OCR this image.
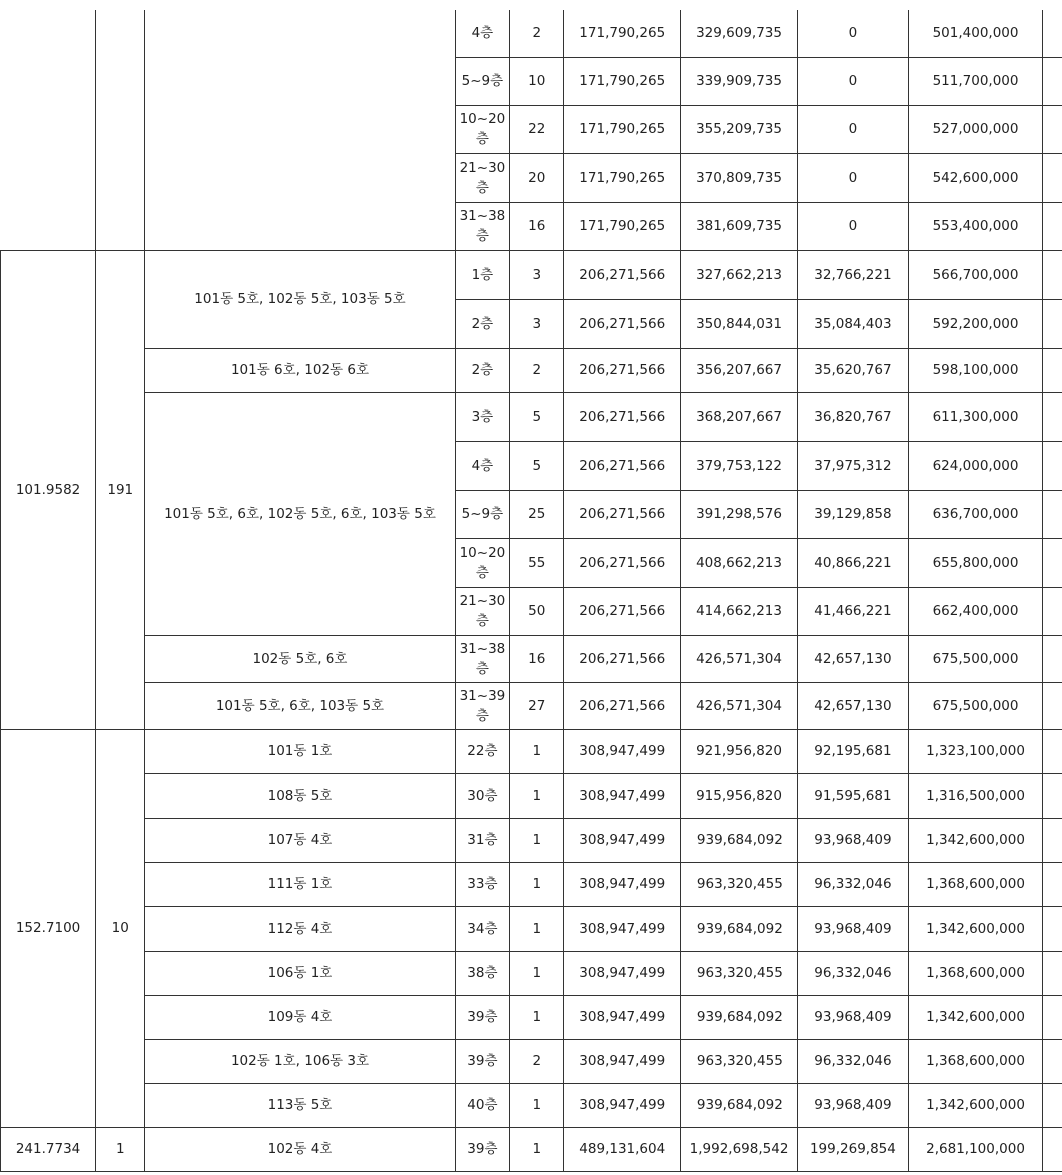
			4층	2	171,790,265	329,609,735	0	501,400,000	
			5~9층	10	171,790,265	339,909,735	0	511,700,000	
			10~20층	22	171,790,265	355,209,735	0	527,000,000	
			21~30층	20	171,790,265	370,809,735	0	542,600,000	
			31~38층	16	171,790,265	381,609,735	0	553,400,000	
101.9582	191	101동 5호, 102동 5호, 103동 5호	1층	3	206,271,566	327,662,213	32,766,221	566,700,000	
			2층	3	206,271,566	350,844,031	35,084,403	592,200,000	
		101동 6호, 102동 6호	2층	2	206,271,566	356,207,667	35,620,767	598,100,000	
		101동 5호, 6호, 102동 5호, 6호, 103동 5호	3층	5	206,271,566	368,207,667	36,820,767	611,300,000	
			4층	5	206,271,566	379,753,122	37,975,312	624,000,000	
			5~9층	25	206,271,566	391,298,576	39,129,858	636,700,000	
			10~20층	55	206,271,566	408,662,213	40,866,221	655,800,000	
			21~30층	50	206,271,566	414,662,213	41,466,221	662,400,000	
		102동 5호, 6호	31~38층	16	206,271,566	426,571,304	42,657,130	675,500,000	
		101동 5호, 6호, 103동 5호	31~39층	27	206,271,566	426,571,304	42,657,130	675,500,000	
152.7100	10	101동 1호	22층	1	308,947,499	921,956,820	92,195,681	1,323,100,000	
		108동 5호	30층	1	308,947,499	915,956,820	91,595,681	1,316,500,000	
		107동 4호	31층	1	308,947,499	939,684,092	93,968,409	1,342,600,000	
		111동 1호	33층	1	308,947,499	963,320,455	96,332,046	1,368,600,000	
		112동 4호	34층	1	308,947,499	939,684,092	93,968,409	1,342,600,000	
		106동 1호	38층	1	308,947,499	963,320,455	96,332,046	1,368,600,000	
		109동 4호	39층	1	308,947,499	939,684,092	93,968,409	1,342,600,000	
		102동 1호, 106동 3호	39층	2	308,947,499	963,320,455	96,332,046	1,368,600,000	
		113동 5호	40층	1	308,947,499	939,684,092	93,968,409	1,342,600,000	
241.7734	1	102동 4호	39층	1	489,131,604	1,992,698,542	199,269,854	2,681,100,000	
